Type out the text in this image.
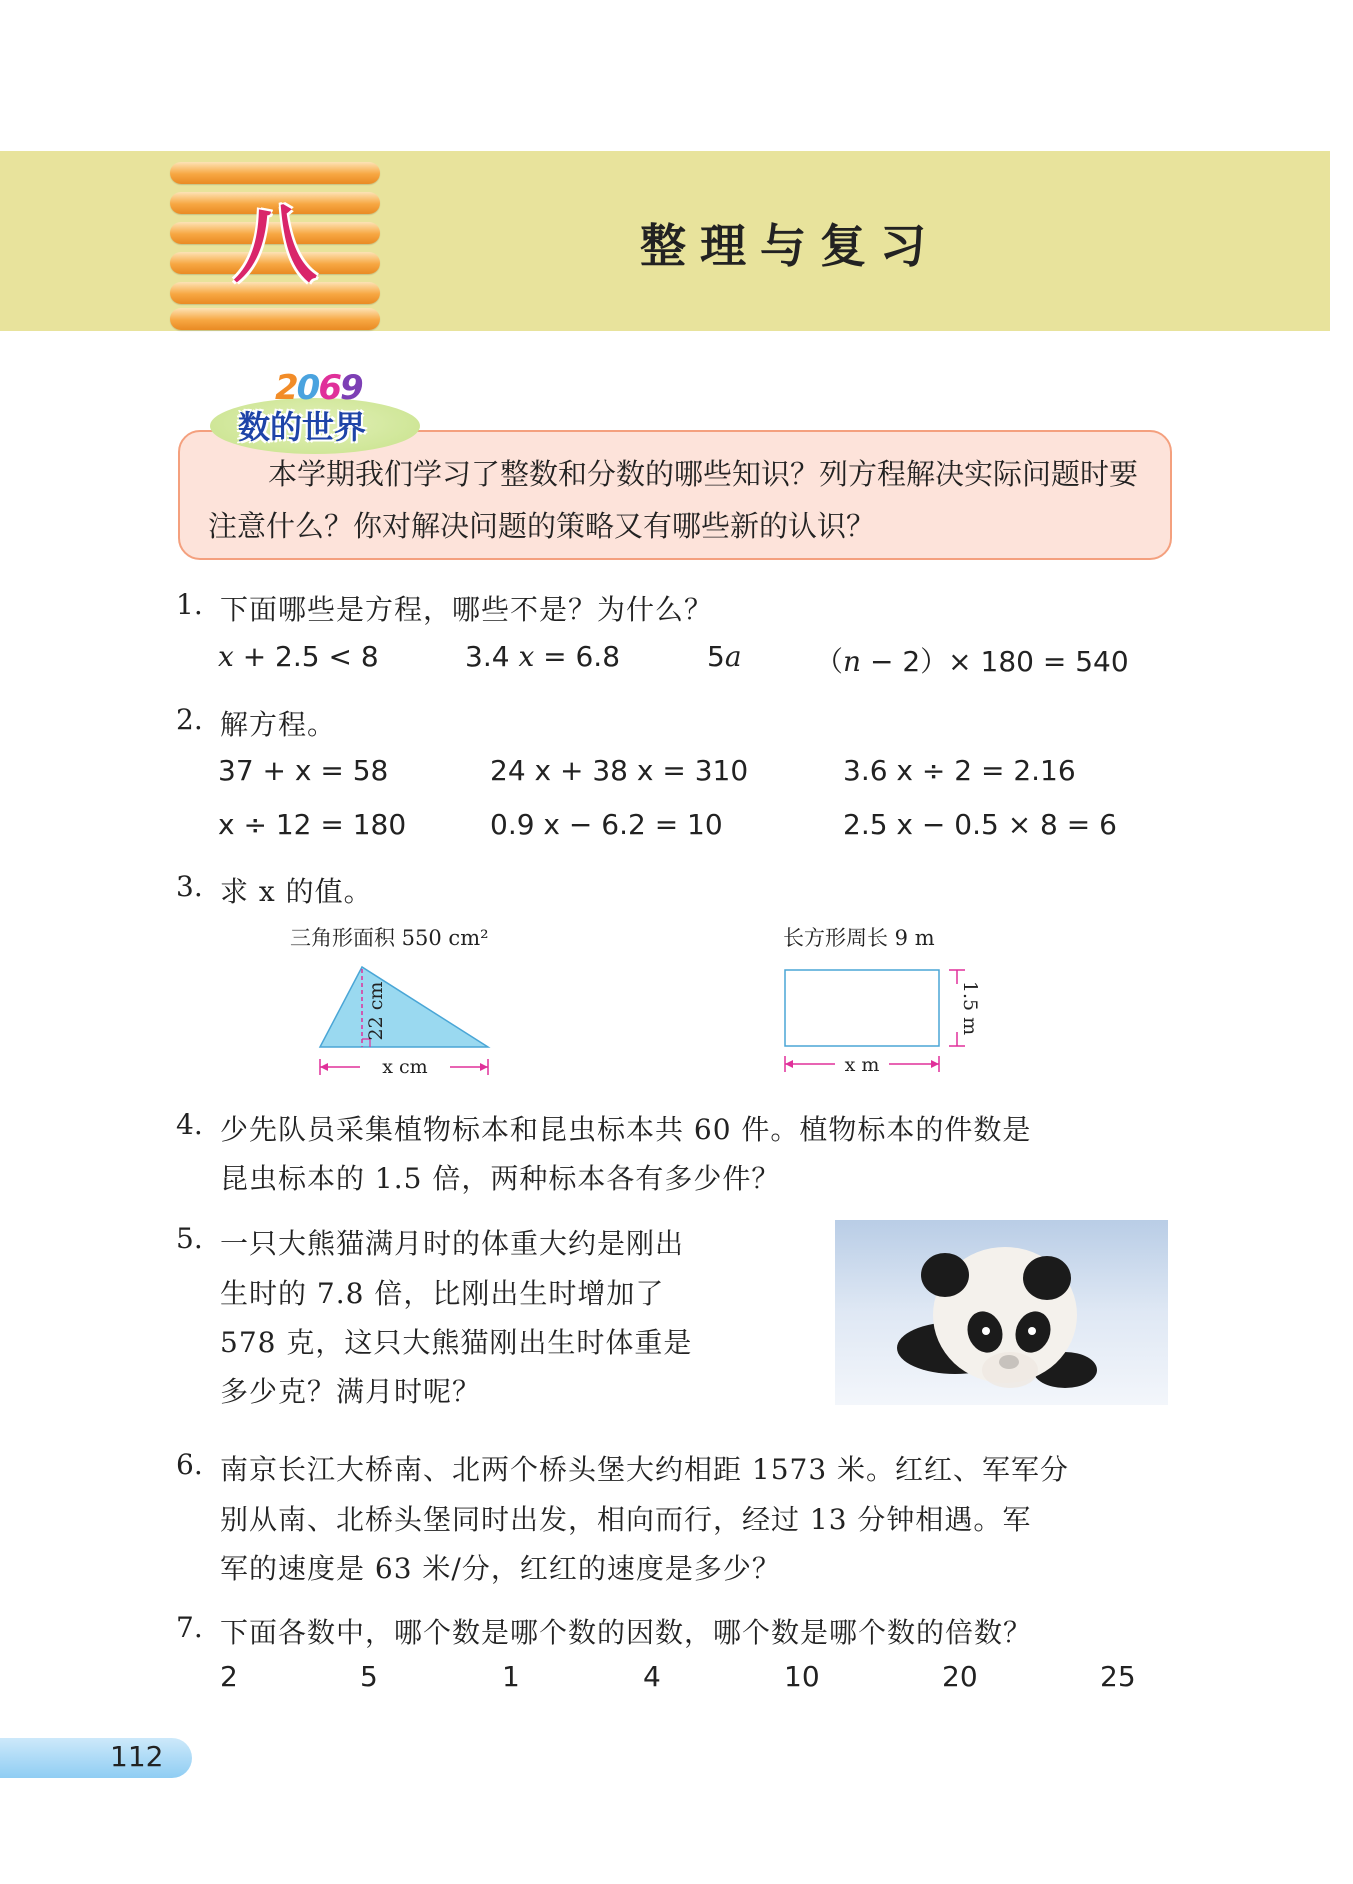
八	整理与复习
2069
数的世界
本学期我们学习了整数和分数的哪些知识？列方程解决实际问题时要注意什么？你对解决问题的策略又有哪些新的认识？
1. 下面哪些是方程，哪些不是？为什么？
x + 2.5 < 8	3.4 x = 6.8	5a	（n − 2）× 180 = 540
2. 解方程。
37 + x = 58	24 x + 38 x = 310	3.6 x ÷ 2 = 2.16
x ÷ 12 = 180	0.9 x − 6.2 = 10	2.5 x − 0.5 × 8 = 6
3. 求 x 的值。
三角形面积 550 cm²	长方形周长 9 m
x cm
22 cm
x m
1.5 m
4. 少先队员采集植物标本和昆虫标本共 60 件。植物标本的件数是
昆虫标本的 1.5 倍，两种标本各有多少件？
5. 一只大熊猫满月时的体重大约是刚出
生时的 7.8 倍，比刚出生时增加了
578 克，这只大熊猫刚出生时体重是
多少克？满月时呢？
6. 南京长江大桥南、北两个桥头堡大约相距 1573 米。红红、军军分
别从南、北桥头堡同时出发，相向而行，经过 13 分钟相遇。军
军的速度是 63 米/分，红红的速度是多少？
7. 下面各数中，哪个数是哪个数的因数，哪个数是哪个数的倍数？
2	5	1	4	10	20	25
112
